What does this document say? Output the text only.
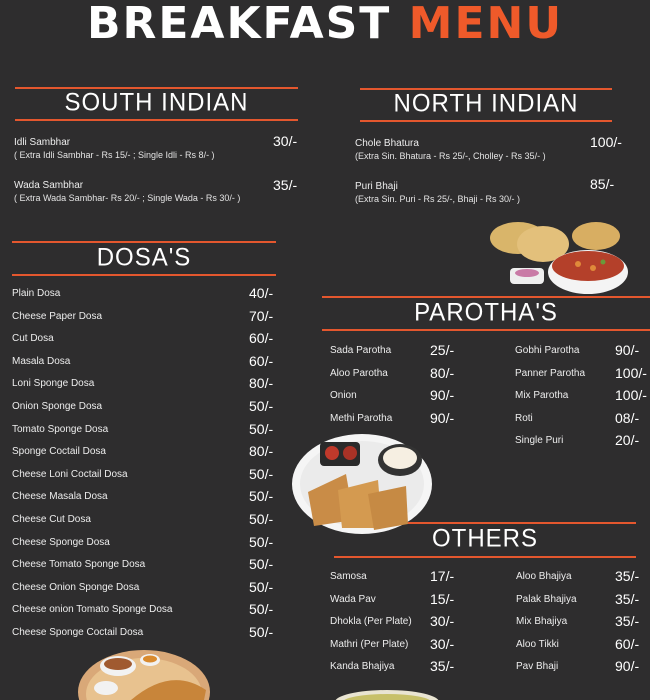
BREAKFAST MENU
SOUTH INDIAN
Idli Sambhar
( Extra Idli Sambhar - Rs 15/- ; Single Idli - Rs 8/- )
30/-
Wada Sambhar
( Extra Wada Sambhar- Rs 20/- ; Single Wada - Rs 30/- )
35/-
NORTH INDIAN
Chole Bhatura
(Extra Sin. Bhatura - Rs 25/-, Cholley - Rs 35/- )
100/-
Puri Bhaji
(Extra Sin. Puri - Rs 25/-, Bhaji - Rs 30/- )
85/-
DOSA'S
Plain Dosa	40/-
Cheese Paper Dosa	70/-
Cut Dosa	60/-
Masala Dosa	60/-
Loni Sponge Dosa	80/-
Onion Sponge Dosa	50/-
Tomato Sponge Dosa	50/-
Sponge Coctail Dosa	80/-
Cheese Loni Coctail Dosa	50/-
Cheese Masala Dosa	50/-
Cheese Cut Dosa	50/-
Cheese Sponge Dosa	50/-
Cheese Tomato Sponge Dosa	50/-
Cheese Onion Sponge Dosa	50/-
Cheese onion Tomato Sponge Dosa	50/-
Cheese Sponge Coctail Dosa	50/-
PAROTHA'S
Sada Parotha	25/-
Aloo Parotha	80/-
Onion	90/-
Methi Parotha	90/-
Gobhi Parotha	90/-
Panner Parotha 100/-
Mix Parotha	100/-
Roti	08/-
Single Puri	20/-
OTHERS
Samosa	17/-
Wada Pav	15/-
Dhokla (Per Plate) 30/-
Mathri (Per Plate) 30/-
Kanda Bhajiya	35/-
Aloo Bhajiya	35/-
Palak Bhajiya	35/-
Mix Bhajiya	35/-
Aloo Tikki	60/-
Pav Bhaji	90/-
